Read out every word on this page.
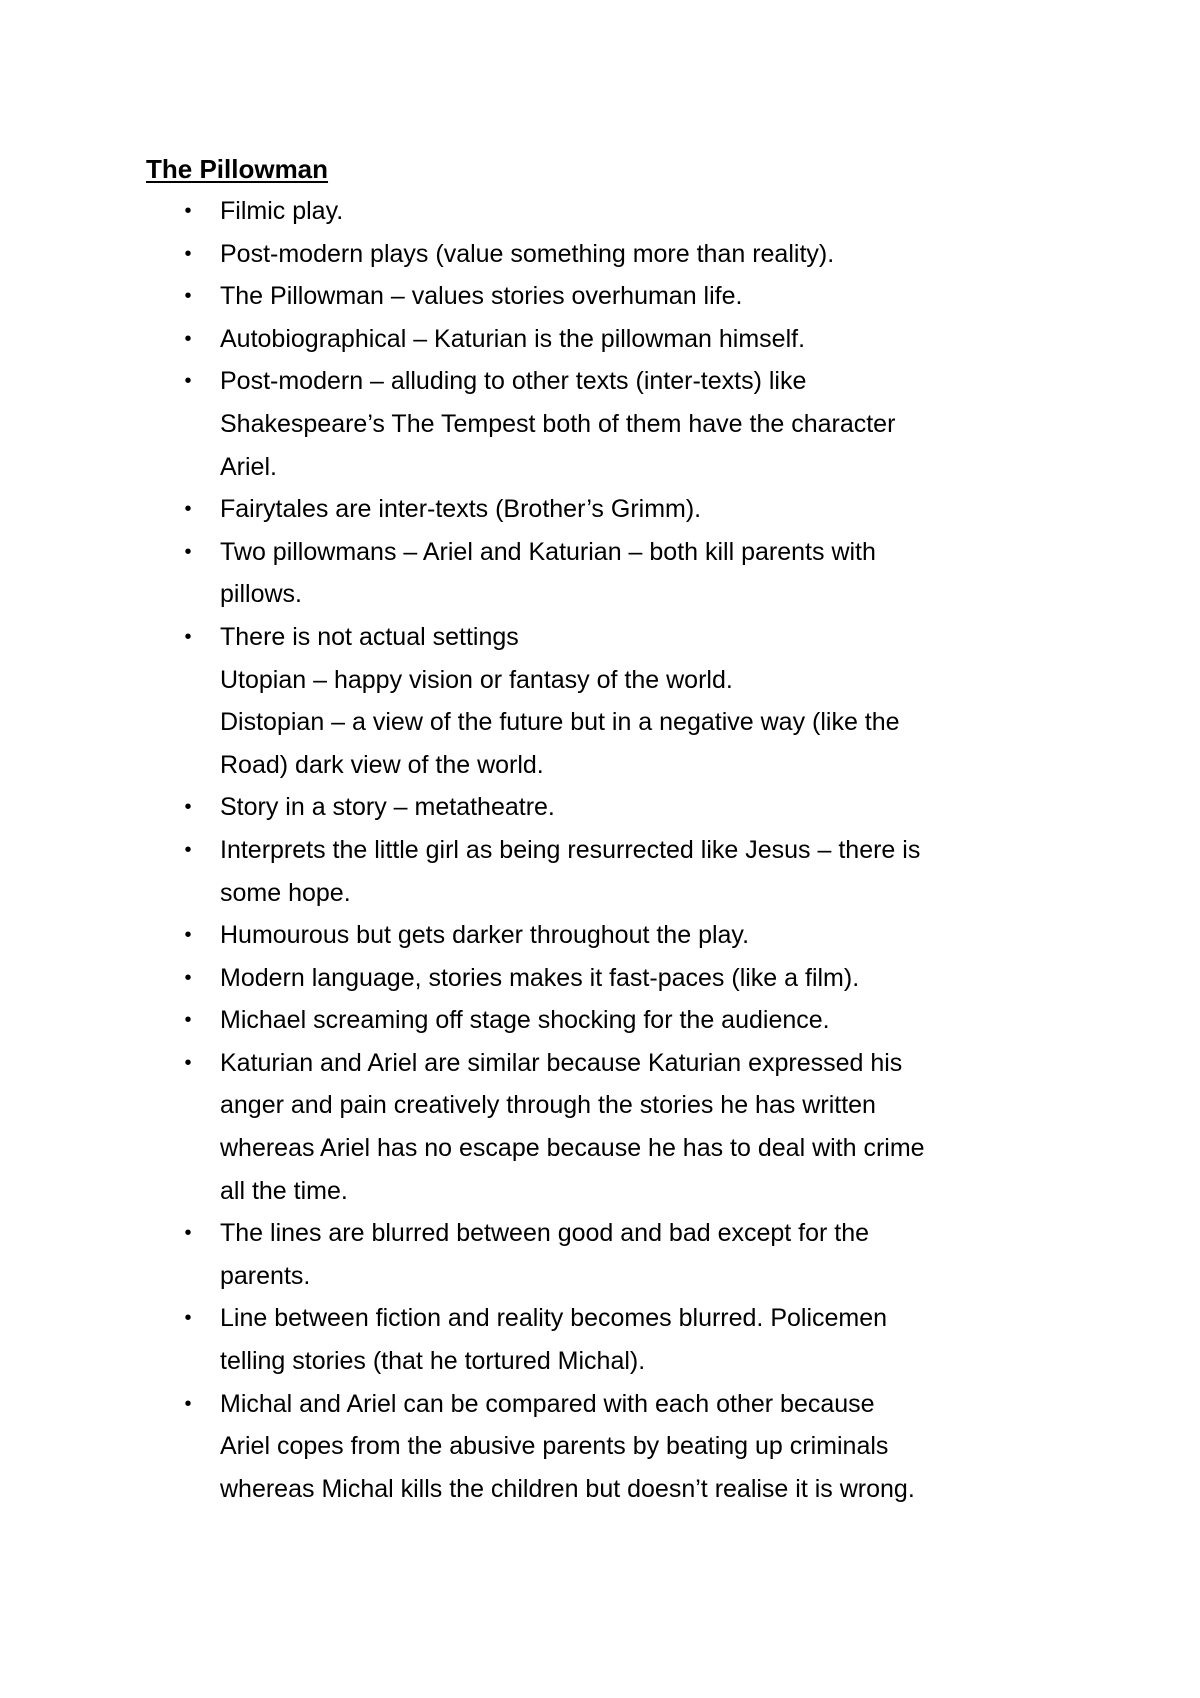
The Pillowman
• Filmic play.
• Post-modern plays (value something more than reality).
• The Pillowman – values stories overhuman life.
• Autobiographical – Katurian is the pillowman himself.
• Post-modern – alluding to other texts (inter-texts) like
Shakespeare’s The Tempest both of them have the character
Ariel.
• Fairytales are inter-texts (Brother’s Grimm).
• Two pillowmans – Ariel and Katurian – both kill parents with
pillows.
• There is not actual settings
Utopian – happy vision or fantasy of the world.
Distopian – a view of the future but in a negative way (like the
Road) dark view of the world.
• Story in a story – metatheatre.
• Interprets the little girl as being resurrected like Jesus – there is
some hope.
• Humourous but gets darker throughout the play.
• Modern language, stories makes it fast-paces (like a film).
• Michael screaming off stage shocking for the audience.
• Katurian and Ariel are similar because Katurian expressed his
anger and pain creatively through the stories he has written
whereas Ariel has no escape because he has to deal with crime
all the time.
• The lines are blurred between good and bad except for the
parents.
• Line between fiction and reality becomes blurred. Policemen
telling stories (that he tortured Michal).
• Michal and Ariel can be compared with each other because
Ariel copes from the abusive parents by beating up criminals
whereas Michal kills the children but doesn’t realise it is wrong.
